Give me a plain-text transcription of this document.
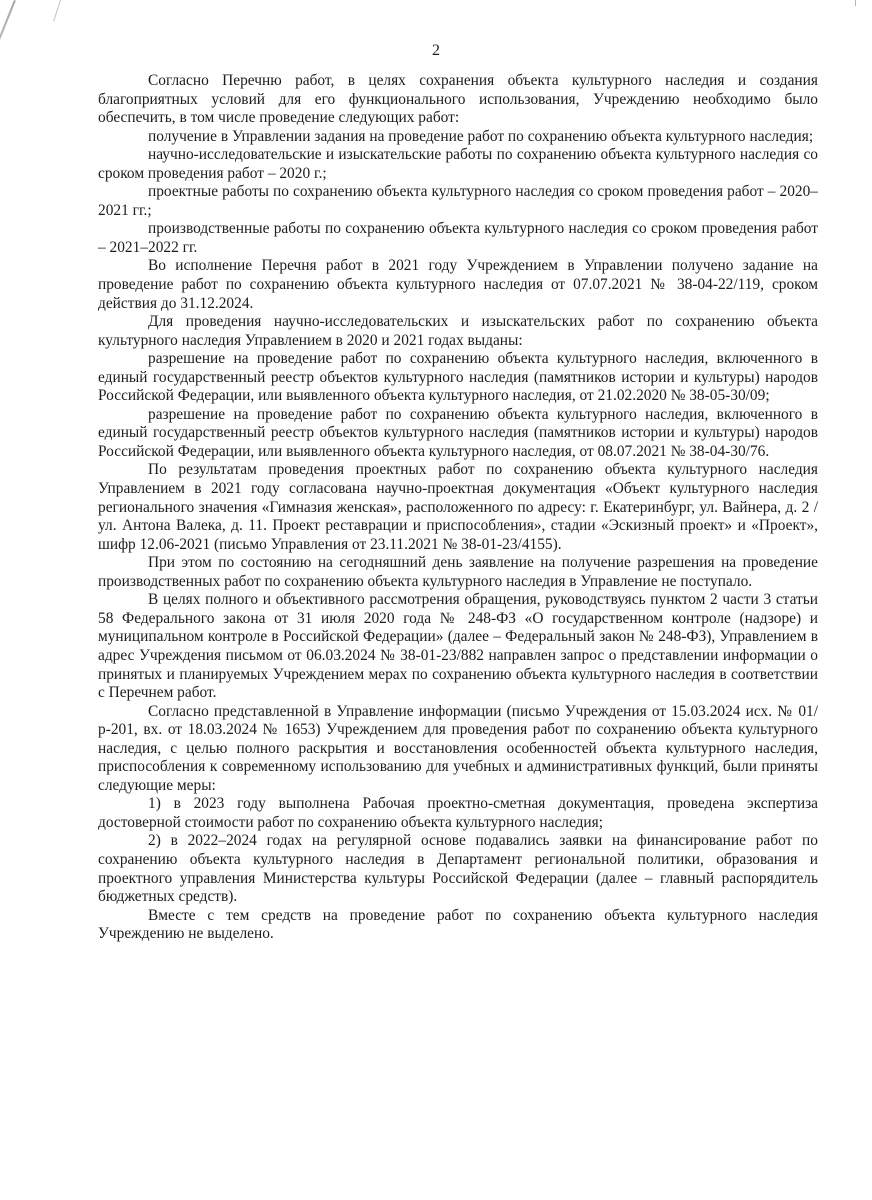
2

Согласно Перечню работ, в целях сохранения объекта культурного наследия и создания благоприятных условий для его функционального использования, Учреждению необходимо было обеспечить, в том числе проведение следующих работ:

получение в Управлении задания на проведение работ по сохранению объекта культурного наследия;

научно-исследовательские и изыскательские работы по сохранению объекта культурного наследия со сроком проведения работ – 2020 г.;

проектные работы по сохранению объекта культурного наследия со сроком проведения работ – 2020–2021 гг.;

производственные работы по сохранению объекта культурного наследия со сроком проведения работ – 2021–2022 гг.

Во исполнение Перечня работ в 2021 году Учреждением в Управлении получено задание на проведение работ по сохранению объекта культурного наследия от 07.07.2021 № 38-04-22/119, сроком действия до 31.12.2024.

Для проведения научно-исследовательских и изыскательских работ по сохранению объекта культурного наследия Управлением в 2020 и 2021 годах выданы:

разрешение на проведение работ по сохранению объекта культурного наследия, включенного в единый государственный реестр объектов культурного наследия (памятников истории и культуры) народов Российской Федерации, или выявленного объекта культурного наследия, от 21.02.2020 № 38-05-30/09;

разрешение на проведение работ по сохранению объекта культурного наследия, включенного в единый государственный реестр объектов культурного наследия (памятников истории и культуры) народов Российской Федерации, или выявленного объекта культурного наследия, от 08.07.2021 № 38-04-30/76.

По результатам проведения проектных работ по сохранению объекта культурного наследия Управлением в 2021 году согласована научно-проектная документация «Объект культурного наследия регионального значения «Гимназия женская», расположенного по адресу: г. Екатеринбург, ул. Вайнера, д. 2 / ул. Антона Валека, д. 11. Проект реставрации и приспособления», стадии «Эскизный проект» и «Проект», шифр 12.06-2021 (письмо Управления от 23.11.2021 № 38-01-23/4155).

При этом по состоянию на сегодняшний день заявление на получение разрешения на проведение производственных работ по сохранению объекта культурного наследия в Управление не поступало.

В целях полного и объективного рассмотрения обращения, руководствуясь пунктом 2 части 3 статьи 58 Федерального закона от 31 июля 2020 года № 248-ФЗ «О государственном контроле (надзоре) и муниципальном контроле в Российской Федерации» (далее – Федеральный закон № 248-ФЗ), Управлением в адрес Учреждения письмом от 06.03.2024 № 38-01-23/882 направлен запрос о представлении информации о принятых и планируемых Учреждением мерах по сохранению объекта культурного наследия в соответствии с Перечнем работ.

Согласно представленной в Управление информации (письмо Учреждения от 15.03.2024 исх. № 01/р-201, вх. от 18.03.2024 № 1653) Учреждением для проведения работ по сохранению объекта культурного наследия, с целью полного раскрытия и восстановления особенностей объекта культурного наследия, приспособления к современному использованию для учебных и административных функций, были приняты следующие меры:

1) в 2023 году выполнена Рабочая проектно-сметная документация, проведена экспертиза достоверной стоимости работ по сохранению объекта культурного наследия;

2) в 2022–2024 годах на регулярной основе подавались заявки на финансирование работ по сохранению объекта культурного наследия в Департамент региональной политики, образования и проектного управления Министерства культуры Российской Федерации (далее – главный распорядитель бюджетных средств).

Вместе с тем средств на проведение работ по сохранению объекта культурного наследия Учреждению не выделено.
